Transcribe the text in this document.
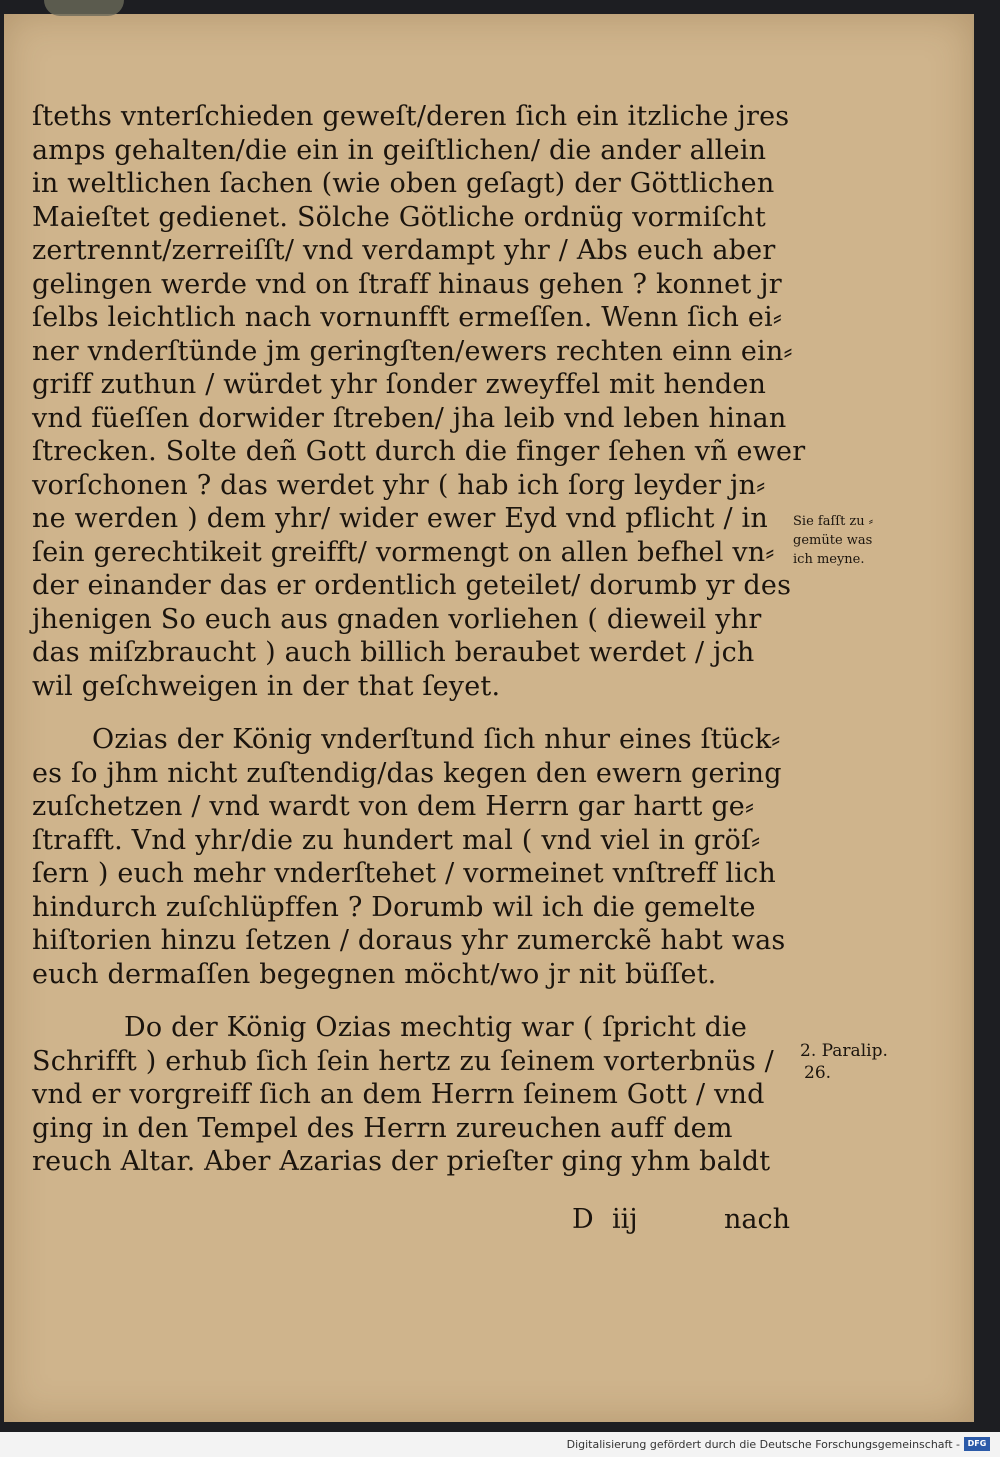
ſteths vnterſchieden geweſt/deren ſich ein itzliche jres
amps gehalten/die ein in geiſtlichen/ die ander allein
in weltlichen ſachen (wie oben geſagt) der Göttlichen
Maieſtet gedienet. Sölche Götliche ordnüg vormiſcht
zertrennt/zerreiſſt/ vnd verdampt yhr / Abs euch aber
gelingen werde vnd on ſtraff hinaus gehen ? konnet jr
ſelbs leichtlich nach vornunfft ermeſſen. Wenn ſich ei⸗
ner vnderſtünde jm geringſten/ewers rechten einn ein⸗
griff zuthun / würdet yhr ſonder zweyffel mit henden
vnd füeſſen dorwider ſtreben/ jha leib vnd leben hinan
ſtrecken. Solte deñ Gott durch die finger ſehen vñ ewer
vorſchonen ? das werdet yhr ( hab ich ſorg leyder jn⸗
ne werden ) dem yhr/ wider ewer Eyd vnd pflicht / in
ſein gerechtikeit greifft/ vormengt on allen befhel vn⸗
der einander das er ordentlich geteilet/ dorumb yr des
jhenigen So euch aus gnaden vorliehen ( dieweil yhr
das miſzbraucht ) auch billich beraubet werdet / jch
wil geſchweigen in der that ſeyet.
Ozias der König vnderſtund ſich nhur eines ſtück⸗
es ſo jhm nicht zuſtendig/das kegen den ewern gering
zuſchetzen / vnd wardt von dem Herrn gar hartt ge⸗
ſtrafft. Vnd yhr/die zu hundert mal ( vnd viel in gröſ⸗
ſern ) euch mehr vnderſtehet / vormeinet vnſtreff lich
hindurch zuſchlüpffen ? Dorumb wil ich die gemelte
hiſtorien hinzu ſetzen / doraus yhr zumerckẽ habt was
euch dermaſſen begegnen möcht/wo jr nit büſſet.
Do der König Ozias mechtig war ( ſpricht die
Schrifft ) erhub ſich ſein hertz zu ſeinem vorterbnüs /
vnd er vorgreiff ſich an dem Herrn ſeinem Gott / vnd
ging in den Tempel des Herrn zureuchen auff dem
reuch Altar. Aber Azarias der prieſter ging yhm baldt
Sie faſſt zu ⸗
gemüte was
ich meyne.
2. Paralip.
26.
D iij	nach
Digitalisierung gefördert durch die Deutsche Forschungsgemeinschaft - DFG
